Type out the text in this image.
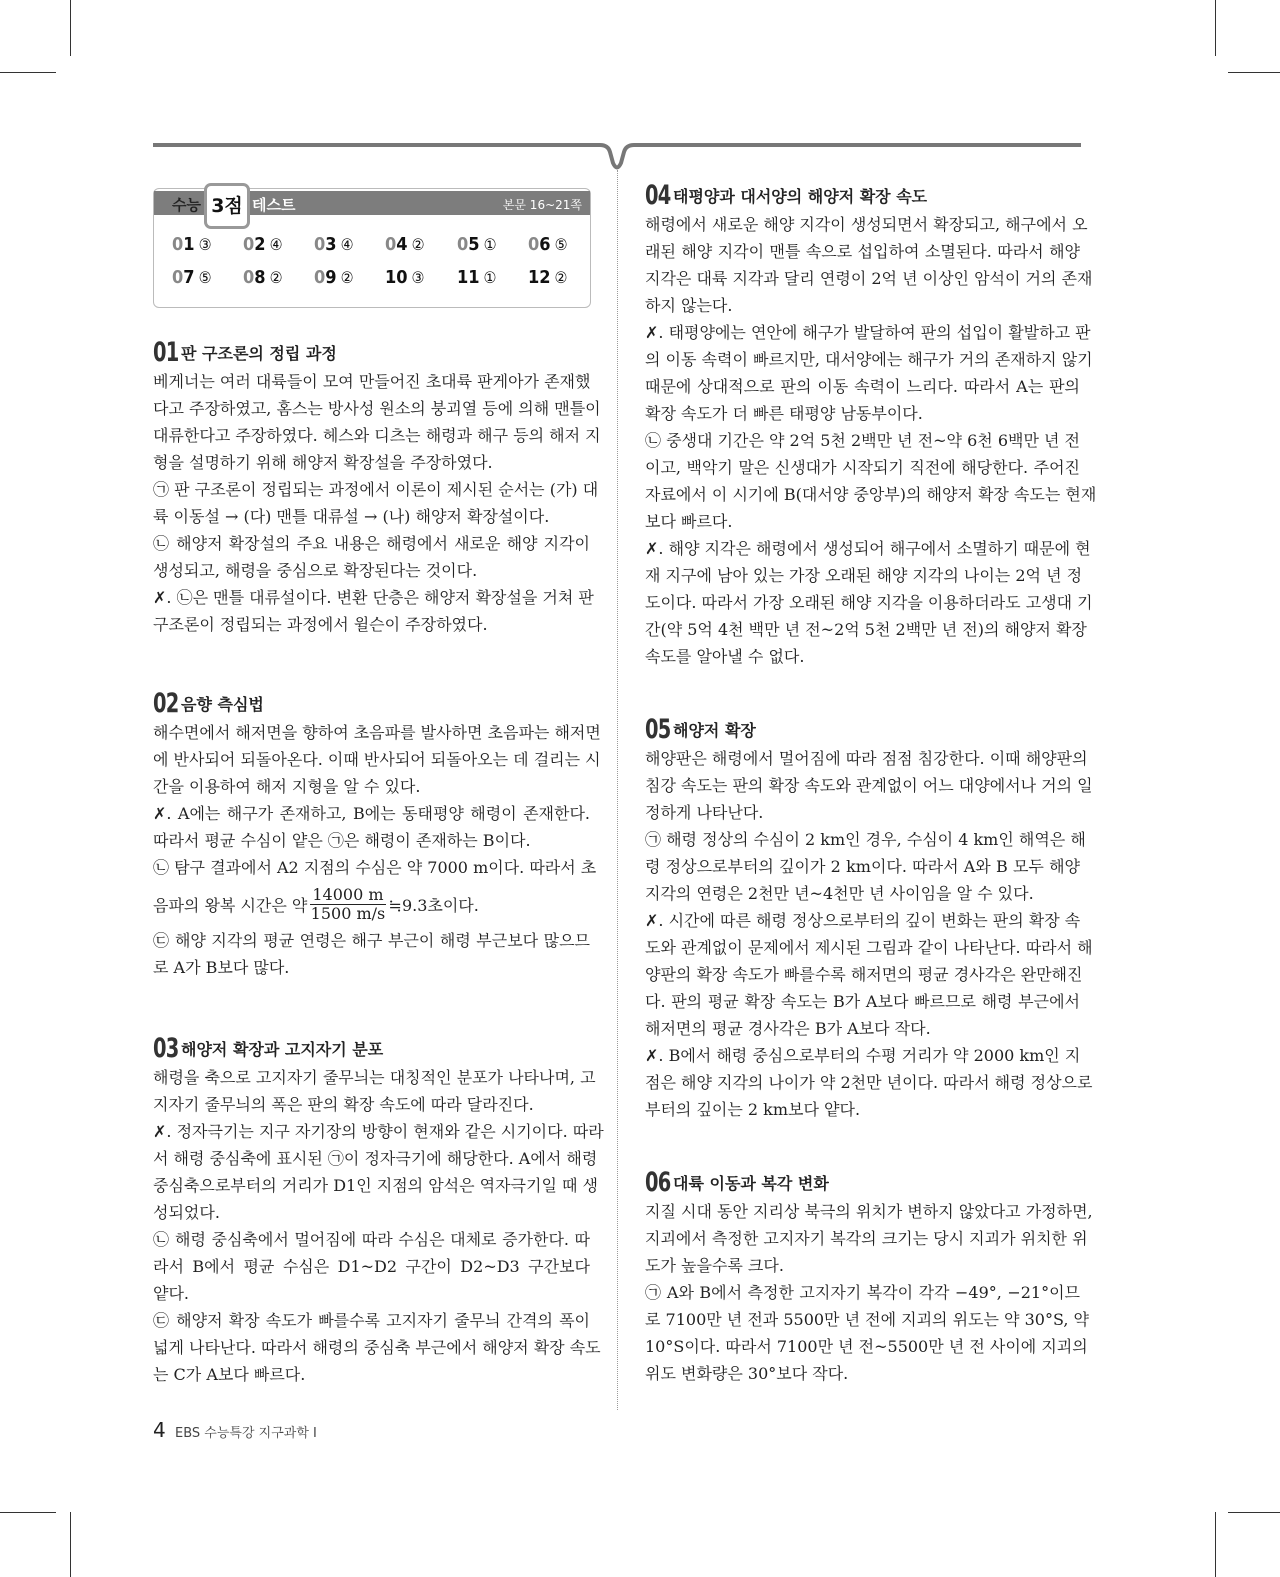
수능 3점 테스트	본문 16~21쪽
01 ③ 02 ④ 03 ④ 04 ② 05 ① 06 ⑤
07 ⑤ 08 ② 09 ② 10 ③ 11 ① 12 ②
01 판 구조론의 정립 과정
베게너는 여러 대륙들이 모여 만들어진 초대륙 판게아가 존재했
다고 주장하였고, 홈스는 방사성 원소의 붕괴열 등에 의해 맨틀이
대류한다고 주장하였다. 헤스와 디츠는 해령과 해구 등의 해저 지
형을 설명하기 위해 해양저 확장설을 주장하였다.
㉠ 판 구조론이 정립되는 과정에서 이론이 제시된 순서는 (가) 대
륙 이동설 → (다) 맨틀 대류설 → (나) 해양저 확장설이다.
㉡ 해양저 확장설의 주요 내용은 해령에서 새로운 해양 지각이
생성되고, 해령을 중심으로 확장된다는 것이다.
✗. ㉡은 맨틀 대류설이다. 변환 단층은 해양저 확장설을 거쳐 판
구조론이 정립되는 과정에서 윌슨이 주장하였다.
02 음향 측심법
해수면에서 해저면을 향하여 초음파를 발사하면 초음파는 해저면
에 반사되어 되돌아온다. 이때 반사되어 되돌아오는 데 걸리는 시
간을 이용하여 해저 지형을 알 수 있다.
✗. A에는 해구가 존재하고, B에는 동태평양 해령이 존재한다.
따라서 평균 수심이 얕은 ㉠은 해령이 존재하는 B이다.
㉡ 탐구 결과에서 A2 지점의 수심은 약 7000 m이다. 따라서 초
음파의 왕복 시간은 약 $\frac{14000 m}{1500 m/s}$ ≒9.3초이다.
㉢ 해양 지각의 평균 연령은 해구 부근이 해령 부근보다 많으므
로 A가 B보다 많다.
03 해양저 확장과 고지자기 분포
해령을 축으로 고지자기 줄무늬는 대칭적인 분포가 나타나며, 고
지자기 줄무늬의 폭은 판의 확장 속도에 따라 달라진다.
✗. 정자극기는 지구 자기장의 방향이 현재와 같은 시기이다. 따라
서 해령 중심축에 표시된 ㉠이 정자극기에 해당한다. A에서 해령
중심축으로부터의 거리가 D1인 지점의 암석은 역자극기일 때 생
성되었다.
㉡ 해령 중심축에서 멀어짐에 따라 수심은 대체로 증가한다. 따
라서 B에서 평균 수심은 D1~D2 구간이 D2~D3 구간보다
얕다.
㉢ 해양저 확장 속도가 빠를수록 고지자기 줄무늬 간격의 폭이
넓게 나타난다. 따라서 해령의 중심축 부근에서 해양저 확장 속도
는 C가 A보다 빠르다.
04 태평양과 대서양의 해양저 확장 속도
해령에서 새로운 해양 지각이 생성되면서 확장되고, 해구에서 오
래된 해양 지각이 맨틀 속으로 섭입하여 소멸된다. 따라서 해양
지각은 대륙 지각과 달리 연령이 2억 년 이상인 암석이 거의 존재
하지 않는다.
✗. 태평양에는 연안에 해구가 발달하여 판의 섭입이 활발하고 판
의 이동 속력이 빠르지만, 대서양에는 해구가 거의 존재하지 않기
때문에 상대적으로 판의 이동 속력이 느리다. 따라서 A는 판의
확장 속도가 더 빠른 태평양 남동부이다.
㉡ 중생대 기간은 약 2억 5천 2백만 년 전~약 6천 6백만 년 전
이고, 백악기 말은 신생대가 시작되기 직전에 해당한다. 주어진
자료에서 이 시기에 B(대서양 중앙부)의 해양저 확장 속도는 현재
보다 빠르다.
✗. 해양 지각은 해령에서 생성되어 해구에서 소멸하기 때문에 현
재 지구에 남아 있는 가장 오래된 해양 지각의 나이는 2억 년 정
도이다. 따라서 가장 오래된 해양 지각을 이용하더라도 고생대 기
간(약 5억 4천 백만 년 전~2억 5천 2백만 년 전)의 해양저 확장
속도를 알아낼 수 없다.
05 해양저 확장
해양판은 해령에서 멀어짐에 따라 점점 침강한다. 이때 해양판의
침강 속도는 판의 확장 속도와 관계없이 어느 대양에서나 거의 일
정하게 나타난다.
㉠ 해령 정상의 수심이 2 km인 경우, 수심이 4 km인 해역은 해
령 정상으로부터의 깊이가 2 km이다. 따라서 A와 B 모두 해양
지각의 연령은 2천만 년~4천만 년 사이임을 알 수 있다.
✗. 시간에 따른 해령 정상으로부터의 깊이 변화는 판의 확장 속
도와 관계없이 문제에서 제시된 그림과 같이 나타난다. 따라서 해
양판의 확장 속도가 빠를수록 해저면의 평균 경사각은 완만해진
다. 판의 평균 확장 속도는 B가 A보다 빠르므로 해령 부근에서
해저면의 평균 경사각은 B가 A보다 작다.
✗. B에서 해령 중심으로부터의 수평 거리가 약 2000 km인 지
점은 해양 지각의 나이가 약 2천만 년이다. 따라서 해령 정상으로
부터의 깊이는 2 km보다 얕다.
06 대륙 이동과 복각 변화
지질 시대 동안 지리상 북극의 위치가 변하지 않았다고 가정하면,
지괴에서 측정한 고지자기 복각의 크기는 당시 지괴가 위치한 위
도가 높을수록 크다.
㉠ A와 B에서 측정한 고지자기 복각이 각각 −49°, −21°이므
로 7100만 년 전과 5500만 년 전에 지괴의 위도는 약 30°S, 약
10°S이다. 따라서 7100만 년 전~5500만 년 전 사이에 지괴의
위도 변화량은 30°보다 작다.
4 EBS 수능특강 지구과학 Ⅰ
